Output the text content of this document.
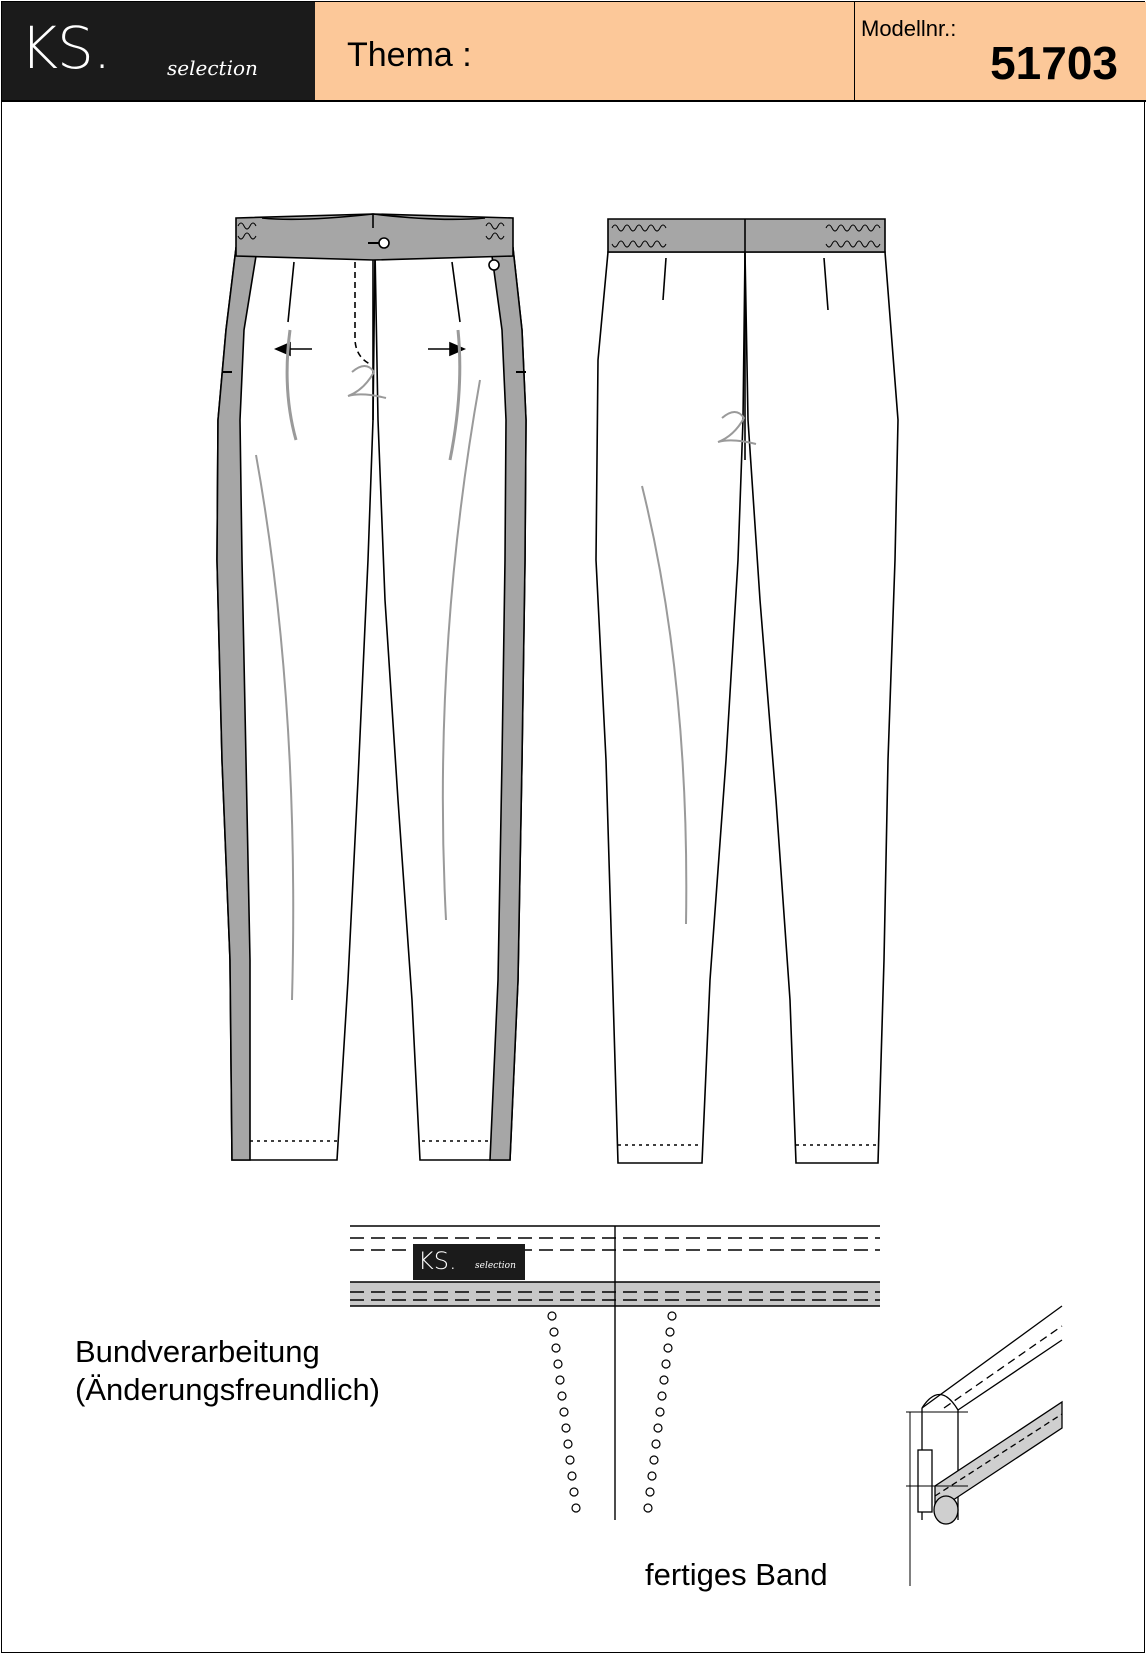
KS.	selection	Thema :
Modellnr.:
51703
KS. selection
Bundverarbeitung
(Änderungsfreundlich)
fertiges Band
